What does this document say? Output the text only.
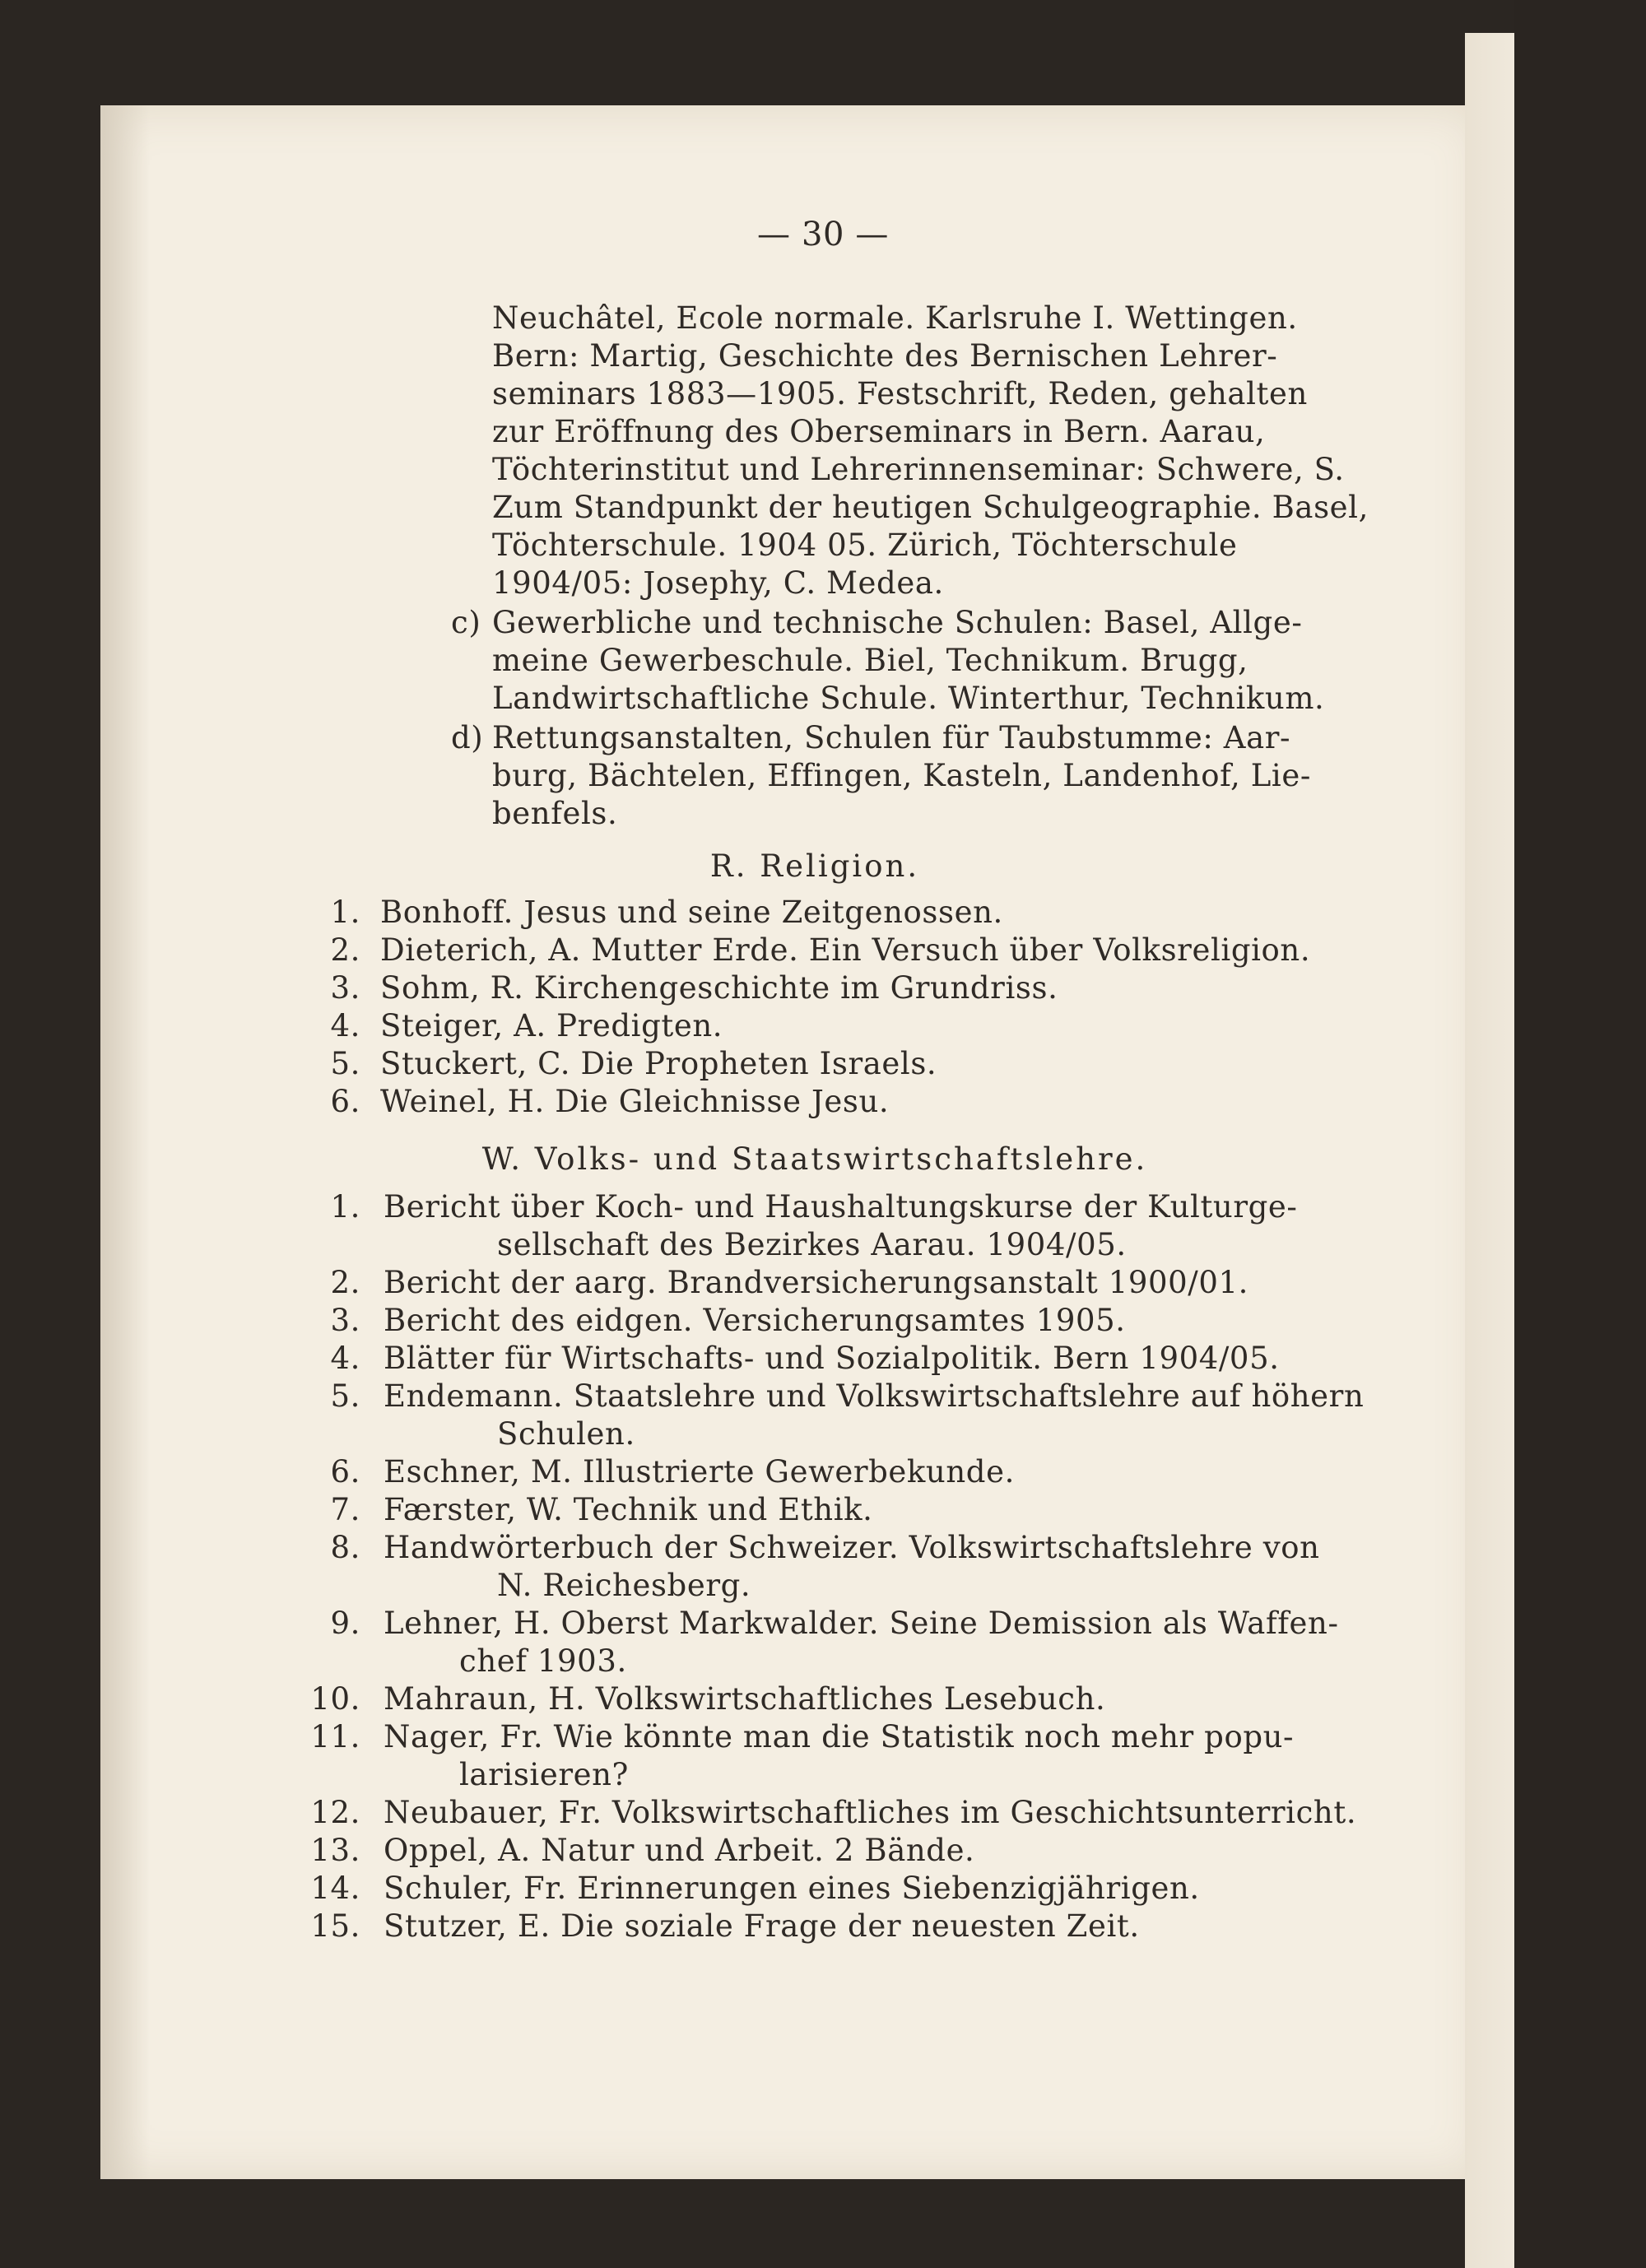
— 30 —
Neuchâtel, Ecole normale. Karlsruhe I. Wettingen.
Bern: Martig, Geschichte des Bernischen Lehrer-
seminars 1883—1905. Festschrift, Reden, gehalten
zur Eröffnung des Oberseminars in Bern. Aarau,
Töchterinstitut und Lehrerinnenseminar: Schwere, S.
Zum Standpunkt der heutigen Schulgeographie. Basel,
Töchterschule. 1904 05. Zürich, Töchterschule
1904/05: Josephy, C. Medea.
c) Gewerbliche und technische Schulen: Basel, Allge-
meine Gewerbeschule. Biel, Technikum. Brugg,
Landwirtschaftliche Schule. Winterthur, Technikum.
d) Rettungsanstalten, Schulen für Taubstumme: Aar-
burg, Bächtelen, Effingen, Kasteln, Landenhof, Lie-
benfels.
R. Religion.
1. Bonhoff. Jesus und seine Zeitgenossen.
2. Dieterich, A. Mutter Erde. Ein Versuch über Volksreligion.
3. Sohm, R. Kirchengeschichte im Grundriss.
4. Steiger, A. Predigten.
5. Stuckert, C. Die Propheten Israels.
6. Weinel, H. Die Gleichnisse Jesu.
W. Volks- und Staatswirtschaftslehre.
1. Bericht über Koch- und Haushaltungskurse der Kulturge-
sellschaft des Bezirkes Aarau. 1904/05.
2. Bericht der aarg. Brandversicherungsanstalt 1900/01.
3. Bericht des eidgen. Versicherungsamtes 1905.
4. Blätter für Wirtschafts- und Sozialpolitik. Bern 1904/05.
5. Endemann. Staatslehre und Volkswirtschaftslehre auf höhern
Schulen.
6. Eschner, M. Illustrierte Gewerbekunde.
7. Færster, W. Technik und Ethik.
8. Handwörterbuch der Schweizer. Volkswirtschaftslehre von
N. Reichesberg.
9. Lehner, H. Oberst Markwalder. Seine Demission als Waffen-
chef 1903.
10. Mahraun, H. Volkswirtschaftliches Lesebuch.
11. Nager, Fr. Wie könnte man die Statistik noch mehr popu-
larisieren?
12. Neubauer, Fr. Volkswirtschaftliches im Geschichtsunterricht.
13. Oppel, A. Natur und Arbeit. 2 Bände.
14. Schuler, Fr. Erinnerungen eines Siebenzigjährigen.
15. Stutzer, E. Die soziale Frage der neuesten Zeit.
